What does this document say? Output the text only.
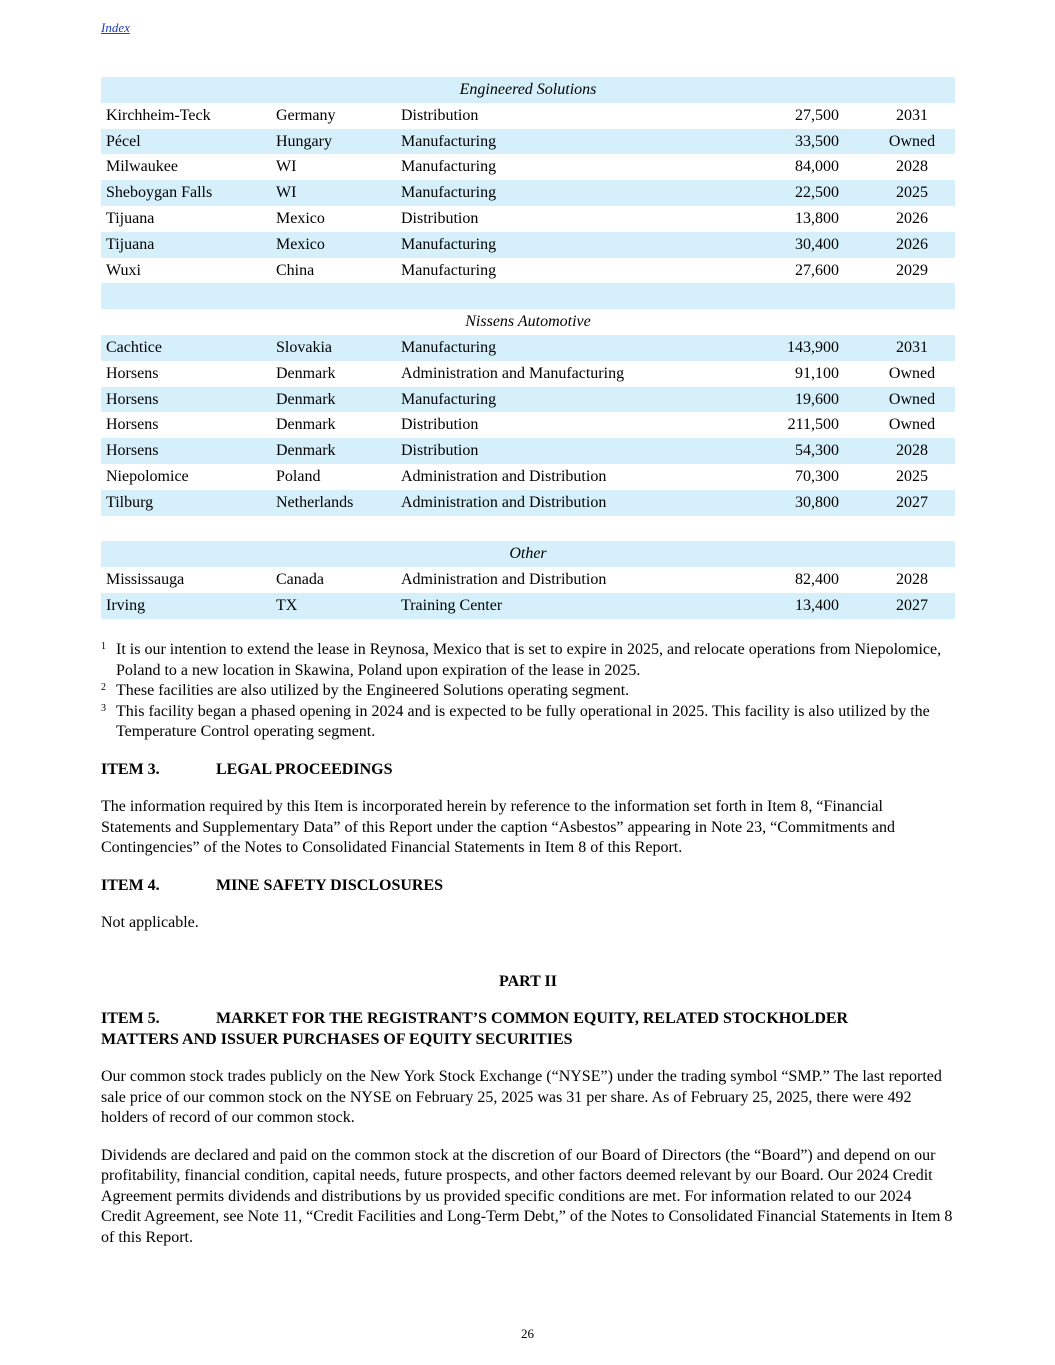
Index
Engineered Solutions				
Kirchheim-Teck	Germany	Distribution	27,500	2031
Pécel	Hungary	Manufacturing	33,500	Owned
Milwaukee	WI	Manufacturing	84,000	2028
Sheboygan Falls	WI	Manufacturing	22,500	2025
Tijuana	Mexico	Distribution	13,800	2026
Tijuana	Mexico	Manufacturing	30,400	2026
Wuxi	China	Manufacturing	27,600	2029

Nissens Automotive				
Cachtice	Slovakia	Manufacturing	143,900	2031
Horsens	Denmark	Administration and Manufacturing	91,100	Owned
Horsens	Denmark	Manufacturing	19,600	Owned
Horsens	Denmark	Distribution	211,500	Owned
Horsens	Denmark	Distribution	54,300	2028
Niepolomice	Poland	Administration and Distribution	70,300	2025
Tilburg	Netherlands	Administration and Distribution	30,800	2027

Other				
Mississauga	Canada	Administration and Distribution	82,400	2028
Irving	TX	Training Center	13,400	2027
1 It is our intention to extend the lease in Reynosa, Mexico that is set to expire in 2025, and relocate operations from Niepolomice, Poland to a new location in Skawina, Poland upon expiration of the lease in 2025.
2 These facilities are also utilized by the Engineered Solutions operating segment.
3 This facility began a phased opening in 2024 and is expected to be fully operational in 2025. This facility is also utilized by the Temperature Control operating segment.
ITEM 3.	LEGAL PROCEEDINGS
The information required by this Item is incorporated herein by reference to the information set forth in Item 8, “Financial Statements and Supplementary Data” of this Report under the caption “Asbestos” appearing in Note 23, “Commitments and Contingencies” of the Notes to Consolidated Financial Statements in Item 8 of this Report.
ITEM 4.	MINE SAFETY DISCLOSURES
Not applicable.
PART II
ITEM 5.	MARKET FOR THE REGISTRANT’S COMMON EQUITY, RELATED STOCKHOLDER
MATTERS AND ISSUER PURCHASES OF EQUITY SECURITIES
Our common stock trades publicly on the New York Stock Exchange (“NYSE”) under the trading symbol “SMP.” The last reported sale price of our common stock on the NYSE on February 25, 2025 was 31 per share. As of February 25, 2025, there were 492 holders of record of our common stock.
Dividends are declared and paid on the common stock at the discretion of our Board of Directors (the “Board”) and depend on our profitability, financial condition, capital needs, future prospects, and other factors deemed relevant by our Board. Our 2024 Credit Agreement permits dividends and distributions by us provided specific conditions are met. For information related to our 2024 Credit Agreement, see Note 11, “Credit Facilities and Long-Term Debt,” of the Notes to Consolidated Financial Statements in Item 8 of this Report.
26
